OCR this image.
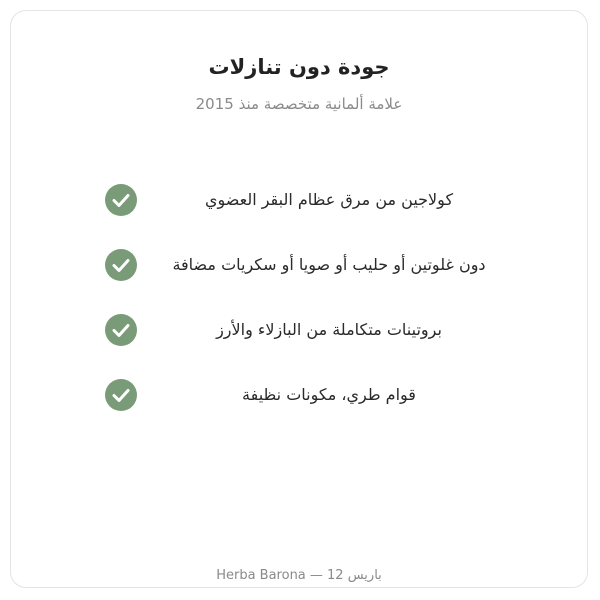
جودة دون تنازلات
علامة ألمانية متخصصة منذ 2015
كولاجين من مرق عظام البقر العضوي
دون غلوتين أو حليب أو صويا أو سكريات مضافة
بروتينات متكاملة من البازلاء والأرز
قوام طري، مكونات نظيفة
Herba Barona — 12 باريس
